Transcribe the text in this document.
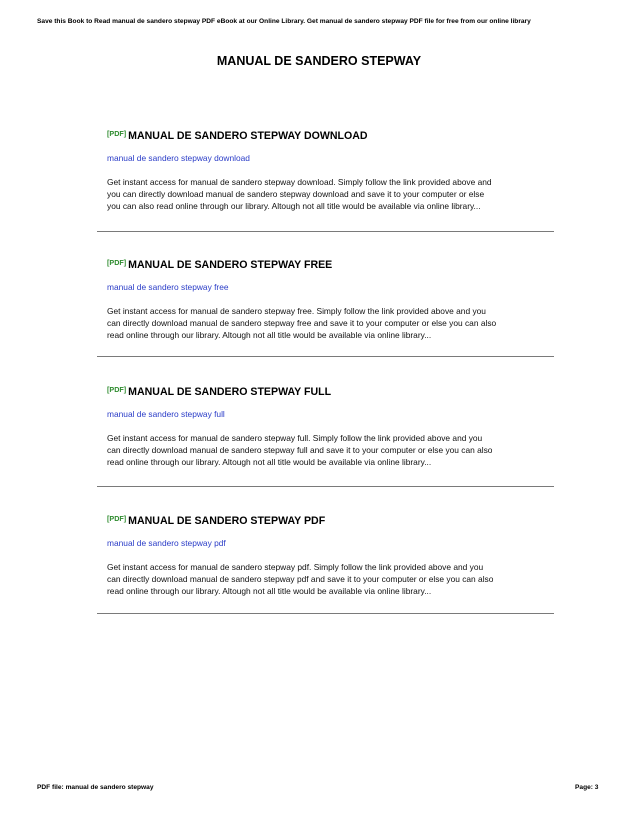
Save this Book to Read manual de sandero stepway PDF eBook at our Online Library. Get manual de sandero stepway PDF file for free from our online library
MANUAL DE SANDERO STEPWAY
[PDF] MANUAL DE SANDERO STEPWAY DOWNLOAD
manual de sandero stepway download
Get instant access for manual de sandero stepway download. Simply follow the link provided above and
you can directly download manual de sandero stepway download and save it to your computer or else
you can also read online through our library. Altough not all title would be available via online library...
[PDF] MANUAL DE SANDERO STEPWAY FREE
manual de sandero stepway free
Get instant access for manual de sandero stepway free. Simply follow the link provided above and you
can directly download manual de sandero stepway free and save it to your computer or else you can also
read online through our library. Altough not all title would be available via online library...
[PDF] MANUAL DE SANDERO STEPWAY FULL
manual de sandero stepway full
Get instant access for manual de sandero stepway full. Simply follow the link provided above and you
can directly download manual de sandero stepway full and save it to your computer or else you can also
read online through our library. Altough not all title would be available via online library...
[PDF] MANUAL DE SANDERO STEPWAY PDF
manual de sandero stepway pdf
Get instant access for manual de sandero stepway pdf. Simply follow the link provided above and you
can directly download manual de sandero stepway pdf and save it to your computer or else you can also
read online through our library. Altough not all title would be available via online library...
PDF file: manual de sandero stepway	Page: 3
